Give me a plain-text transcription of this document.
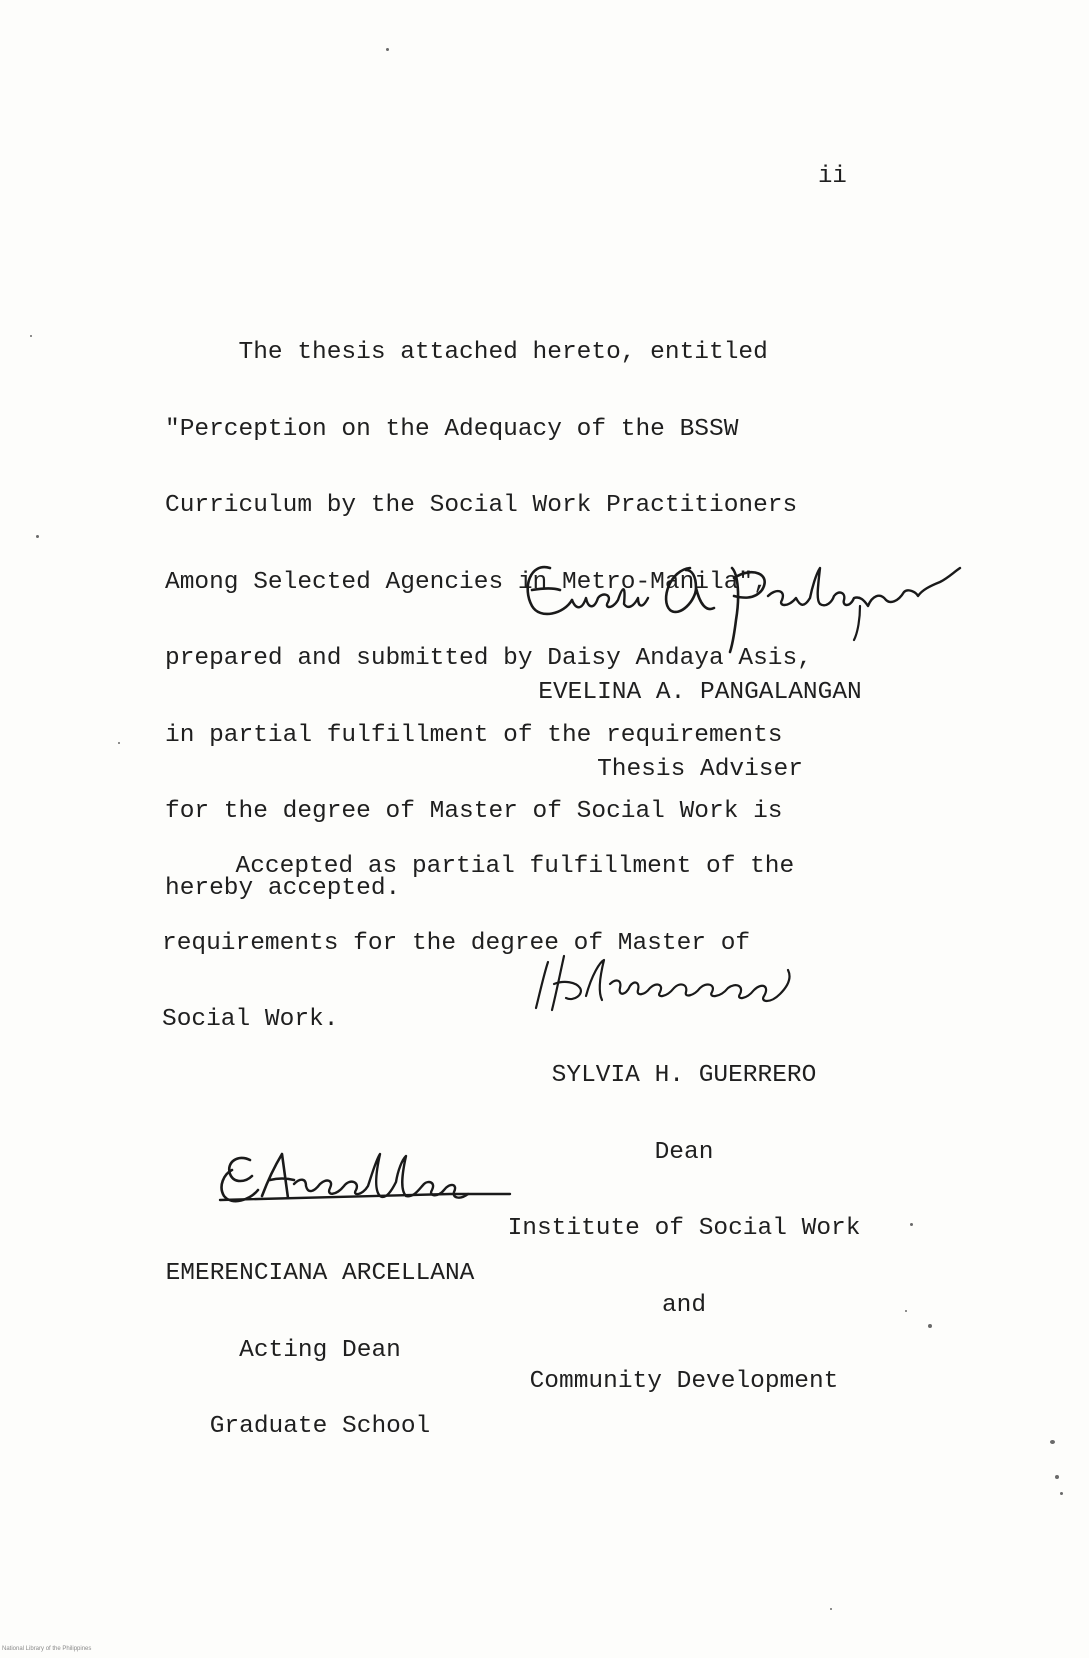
ii

The thesis attached hereto, entitled

"Perception on the Adequacy of the BSSW

Curriculum by the Social Work Practitioners

Among Selected Agencies in Metro-Manila",

prepared and submitted by Daisy Andaya Asis,

in partial fulfillment of the requirements

for the degree of Master of Social Work is

hereby accepted.

EVELINA A. PANGALANGAN

Thesis Adviser

Accepted as partial fulfillment of the

requirements for the degree of Master of

Social Work.

SYLVIA H. GUERRERO

Dean

Institute of Social Work

and

Community Development

EMERENCIANA ARCELLANA

Acting Dean

Graduate School

National Library of the Philippines
